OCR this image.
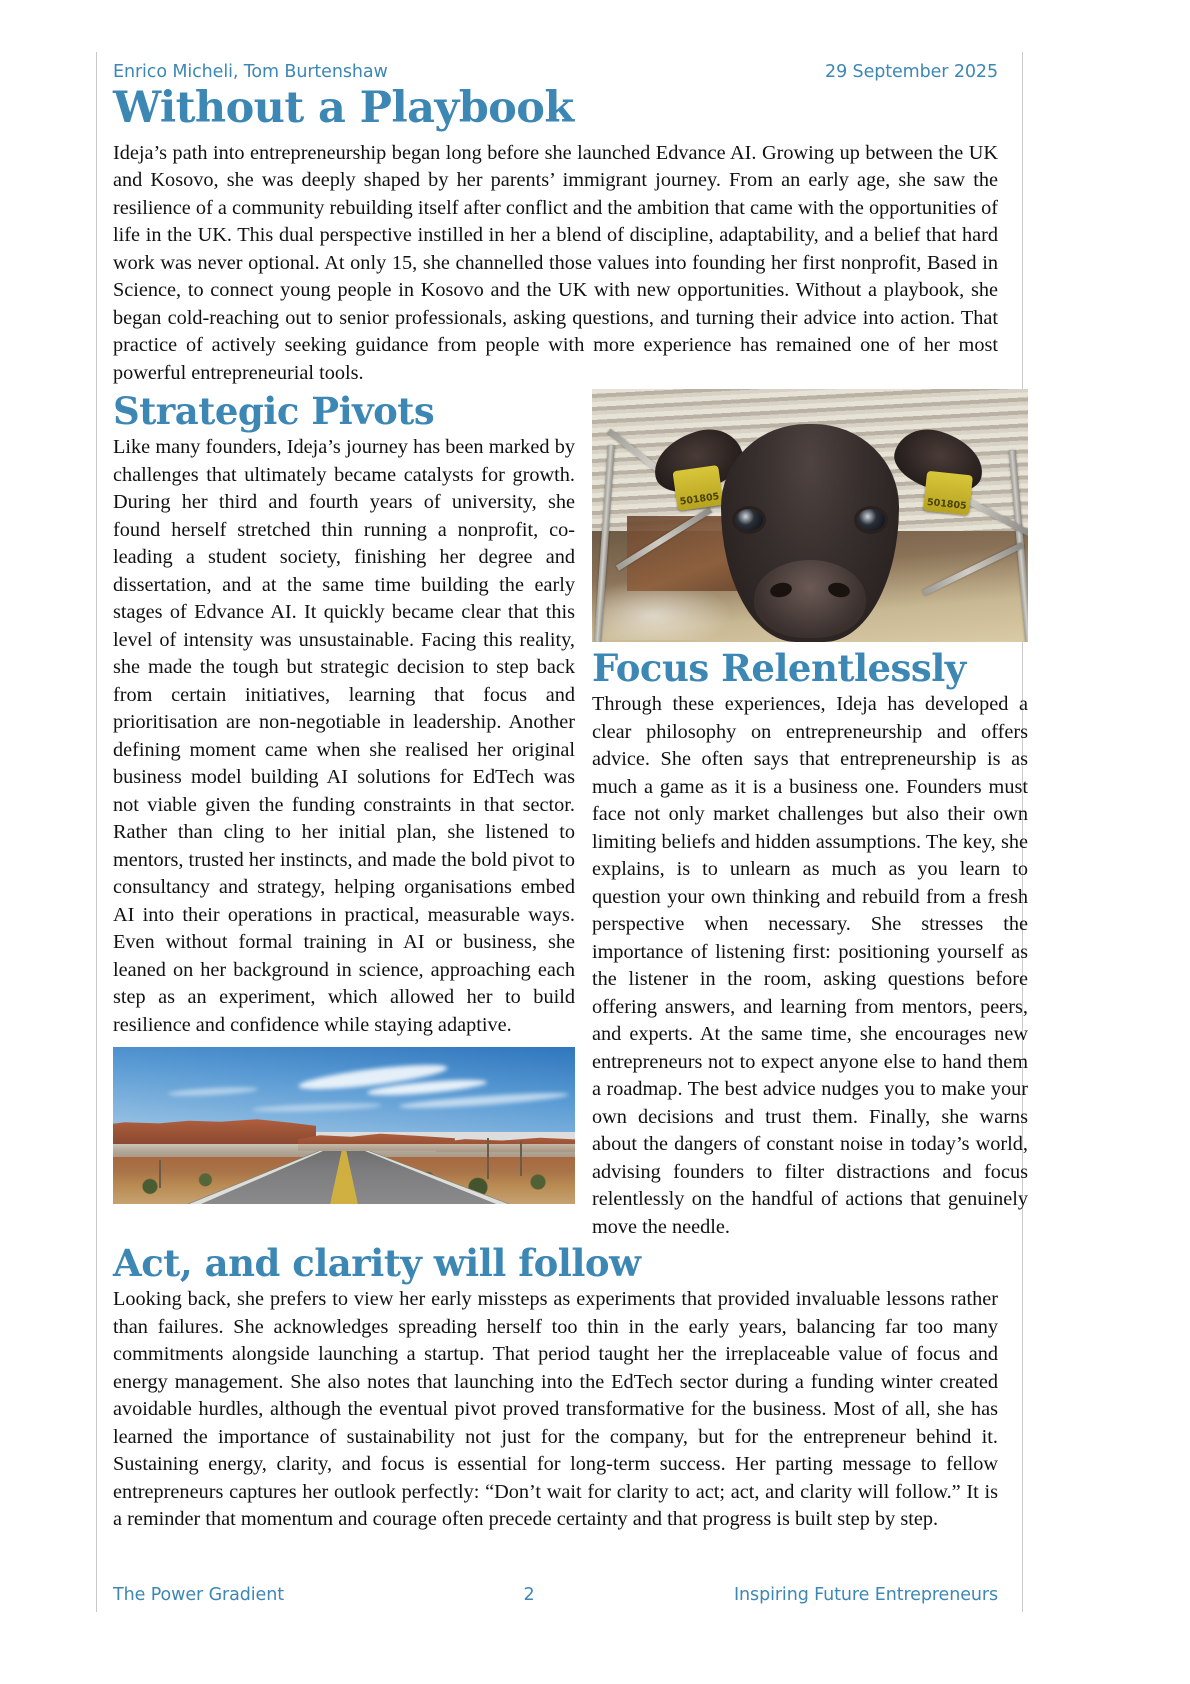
Enrico Micheli, Tom Burtenshaw	29 September 2025
Without a Playbook

Ideja’s path into entrepreneurship began long before she launched Edvance AI. Growing up between the UK and Kosovo, she was deeply shaped by her parents’ immigrant journey. From an early age, she saw the resilience of a community rebuilding itself after conflict and the ambition that came with the opportunities of life in the UK. This dual perspective instilled in her a blend of discipline, adaptability, and a belief that hard work was never optional. At only 15, she channelled those values into founding her first nonprofit, Based in Science, to connect young people in Kosovo and the UK with new opportunities. Without a playbook, she began cold-reaching out to senior professionals, asking questions, and turning their advice into action. That practice of actively seeking guidance from people with more experience has remained one of her most powerful entrepreneurial tools.

Strategic Pivots

Like many founders, Ideja’s journey has been marked by challenges that ultimately became catalysts for growth. During her third and fourth years of university, she found herself stretched thin running a nonprofit, co-leading a student society, finishing her degree and dissertation, and at the same time building the early stages of Edvance AI. It quickly became clear that this level of intensity was unsustainable. Facing this reality, she made the tough but strategic decision to step back from certain initiatives, learning that focus and prioritisation are non-negotiable in leadership. Another defining moment came when she realised her original business model building AI solutions for EdTech was not viable given the funding constraints in that sector. Rather than cling to her initial plan, she listened to mentors, trusted her instincts, and made the bold pivot to consultancy and strategy, helping organisations embed AI into their operations in practical, measurable ways. Even without formal training in AI or business, she leaned on her background in science, approaching each step as an experiment, which allowed her to build resilience and confidence while staying adaptive.

501805	501805
Focus Relentlessly

Through these experiences, Ideja has developed a clear philosophy on entrepreneurship and offers advice. She often says that entrepreneurship is as much a game as it is a business one. Founders must face not only market challenges but also their own limiting beliefs and hidden assumptions. The key, she explains, is to unlearn as much as you learn to question your own thinking and rebuild from a fresh perspective when necessary. She stresses the importance of listening first: positioning yourself as the listener in the room, asking questions before offering answers, and learning from mentors, peers, and experts. At the same time, she encourages new entrepreneurs not to expect anyone else to hand them a roadmap. The best advice nudges you to make your own decisions and trust them. Finally, she warns about the dangers of constant noise in today’s world, advising founders to filter distractions and focus relentlessly on the handful of actions that genuinely move the needle.

Act, and clarity will follow

Looking back, she prefers to view her early missteps as experiments that provided invaluable lessons rather than failures. She acknowledges spreading herself too thin in the early years, balancing far too many commitments alongside launching a startup. That period taught her the irreplaceable value of focus and energy management. She also notes that launching into the EdTech sector during a funding winter created avoidable hurdles, although the eventual pivot proved transformative for the business. Most of all, she has learned the importance of sustainability not just for the company, but for the entrepreneur behind it. Sustaining energy, clarity, and focus is essential for long-term success. Her parting message to fellow entrepreneurs captures her outlook perfectly: “Don’t wait for clarity to act; act, and clarity will follow.” It is a reminder that momentum and courage often precede certainty and that progress is built step by step.

The Power Gradient	2	Inspiring Future Entrepreneurs
